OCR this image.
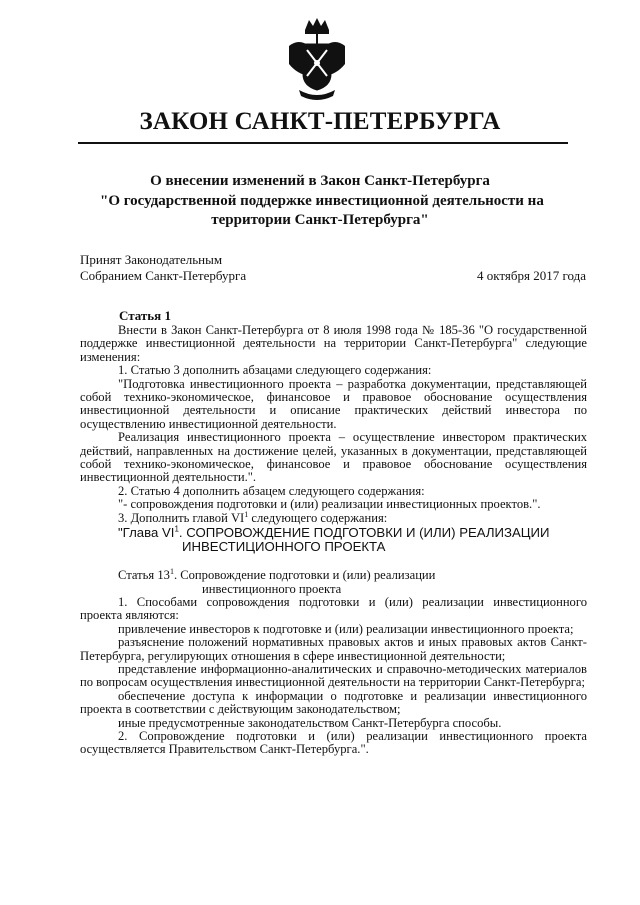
ЗАКОН САНКТ-ПЕТЕРБУРГА
О внесении изменений в Закон Санкт-Петербурга
"О государственной поддержке инвестиционной деятельности на
территории Санкт-Петербурга"
Принят Законодательным
Собранием Санкт-Петербурга	4 октября 2017 года
Статья 1

Внести в Закон Санкт-Петербурга от 8 июля 1998 года № 185-36 "О государственной поддержке инвестиционной деятельности на территории Санкт-Петербурга" следующие изменения:

1. Статью 3 дополнить абзацами следующего содержания:

"Подготовка инвестиционного проекта – разработка документации, представляющей собой технико-экономическое, финансовое и правовое обоснование осуществления инвестиционной деятельности и описание практических действий инвестора по осуществлению инвестиционной деятельности.

Реализация инвестиционного проекта – осуществление инвестором практических действий, направленных на достижение целей, указанных в документации, представляющей собой технико-экономическое, финансовое и правовое обоснование осуществления инвестиционной деятельности.".

2. Статью 4 дополнить абзацем следующего содержания:

"- сопровождения подготовки и (или) реализации инвестиционных проектов.".

3. Дополнить главой $VI^1$ следующего содержания:

"Глава $VI^1$. СОПРОВОЖДЕНИЕ ПОДГОТОВКИ И (ИЛИ) РЕАЛИЗАЦИИ
ИНВЕСТИЦИОННОГО ПРОЕКТА
Статья $13^1$. Сопровождение подготовки и (или) реализации
инвестиционного проекта

1. Способами сопровождения подготовки и (или) реализации инвестиционного проекта являются:

привлечение инвесторов к подготовке и (или) реализации инвестиционного проекта;

разъяснение положений нормативных правовых актов и иных правовых актов Санкт-Петербурга, регулирующих отношения в сфере инвестиционной деятельности;

представление информационно-аналитических и справочно-методических материалов по вопросам осуществления инвестиционной деятельности на территории Санкт-Петербурга;

обеспечение доступа к информации о подготовке и реализации инвестиционного проекта в соответствии с действующим законодательством;

иные предусмотренные законодательством Санкт-Петербурга способы.

2. Сопровождение подготовки и (или) реализации инвестиционного проекта осуществляется Правительством Санкт-Петербурга.".
